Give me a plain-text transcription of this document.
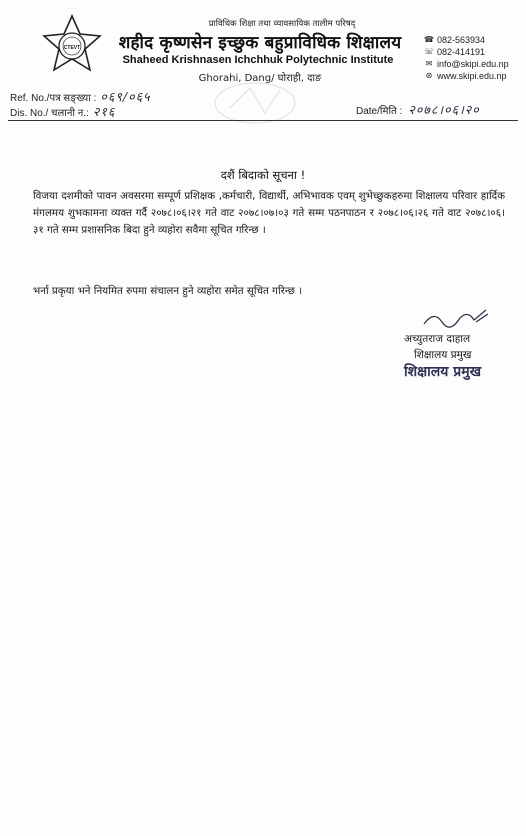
CTEVT
प्राविधिक शिक्षा तथा व्यावसायिक तालीम परिषद्
शहीद कृष्णसेन इच्छुक बहुप्राविधिक शिक्षालय
Shaheed Krishnasen Ichchhuk Polytechnic Institute
Ghorahi, Dang/ घोराही, दाङ
☎ 082-563934
☏ 082-414191
✉ info@skipi.edu.np
⊛ www.skipi.edu.np
Ref. No./पत्र सङ्ख्या : ०६९/०६५
Dis. No./ चलानी न.: २१६	Date/मिति : २०७८।०६।२०
दशैं बिदाको सूचना !
विजया दशमीको पावन अवसरमा सम्पूर्ण प्रशिक्षक ,कर्मचारी, विद्यार्थी, अभिभावक एवम् शुभेच्छुकहरुमा शिक्षालय परिवार हार्दिक मंगलमय शुभकामना व्यक्त गर्दै २०७८।०६।२१ गते वाट २०७८।०७।०३ गते सम्म पठनपाठन र २०७८।०६।२६ गते वाट २०७८।०६।३१ गते सम्म प्रशासनिक बिदा हुने व्यहोरा सवैमा सूचित गरिन्छ ।
भर्ना प्रकृया भने नियमित रुपमा संचालन हुने व्यहोरा समेत सूचित गरिन्छ ।
अच्युतराज दाहाल
शिक्षालय प्रमुख
शिक्षालय प्रमुख
